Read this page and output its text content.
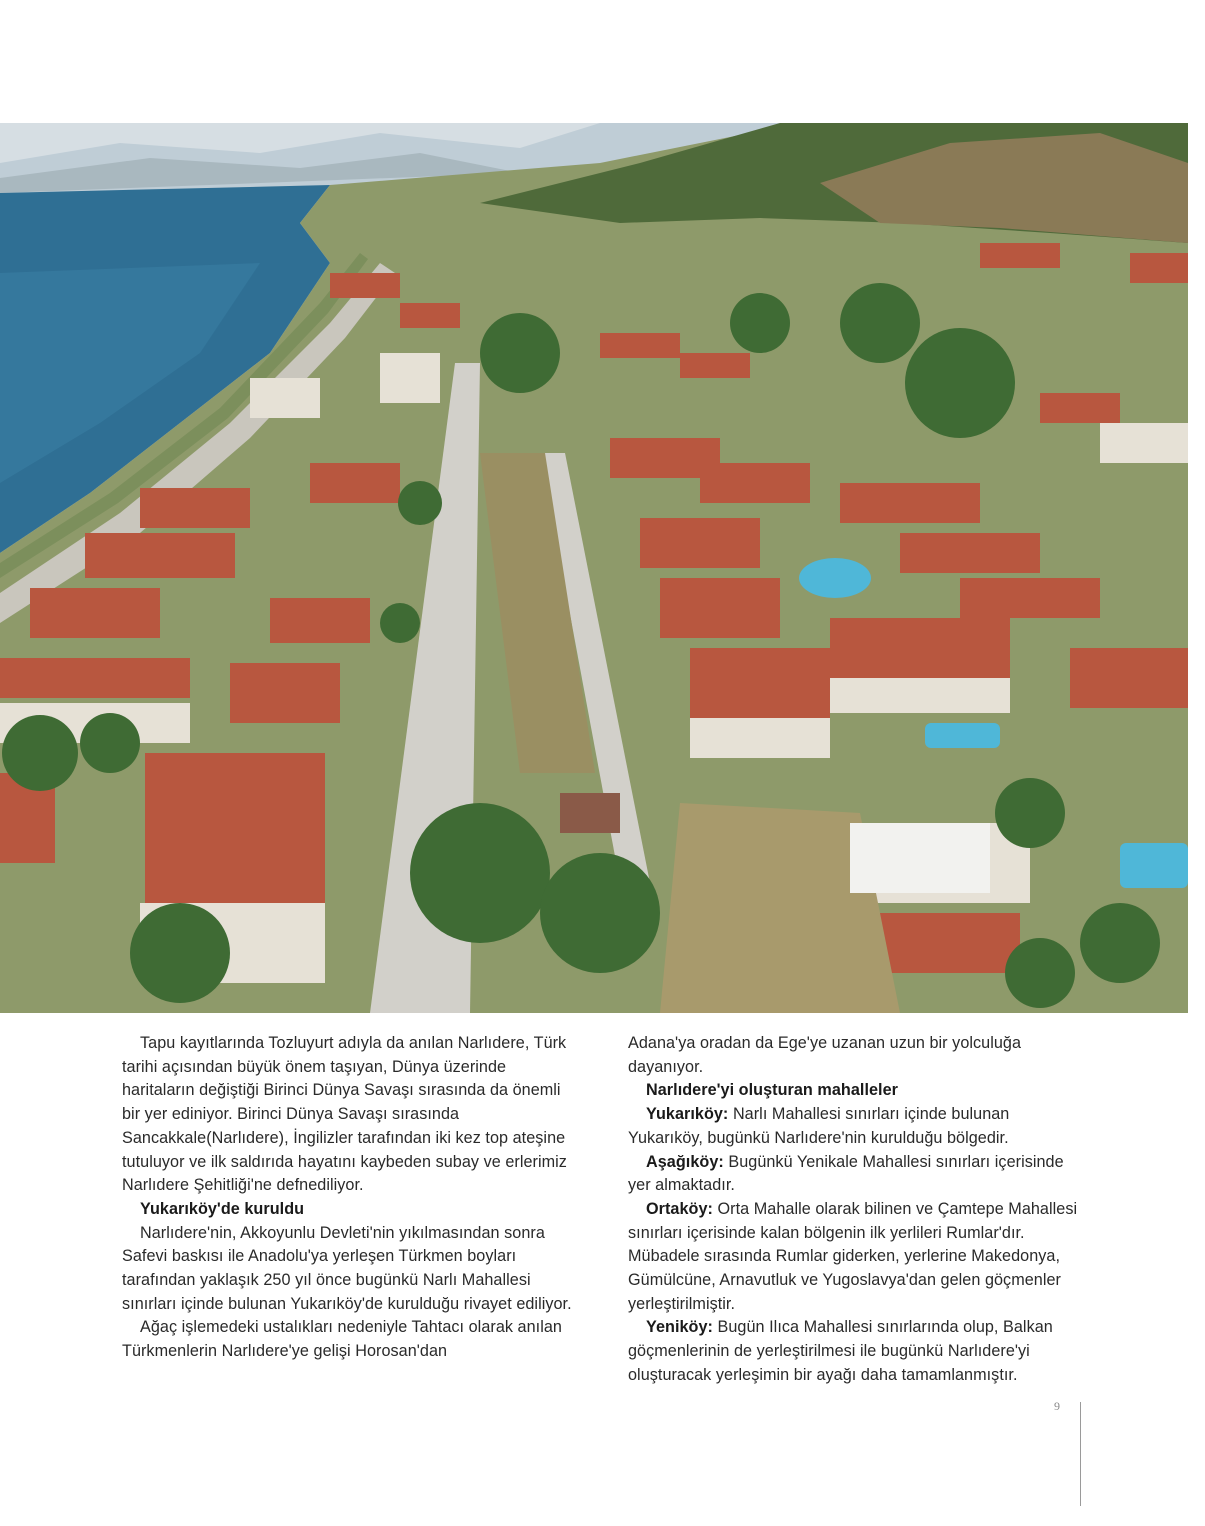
Tapu kayıtlarında Tozluyurt adıyla da anılan Narlıdere, Türk tarihi açısından büyük önem taşıyan, Dünya üzerinde haritaların değiştiği Birinci Dünya Savaşı sırasında da önemli bir yer ediniyor. Birinci Dünya Savaşı sırasında Sancakkale(Narlıdere), İngilizler tarafından iki kez top ateşine tutuluyor ve ilk saldırıda hayatını kaybeden subay ve erlerimiz Narlıdere Şehitliği'ne defnediliyor.

Yukarıköy'de kuruldu

Narlıdere'nin, Akkoyunlu Devleti'nin yıkılmasından sonra Safevi baskısı ile Anadolu'ya yerleşen Türkmen boyları tarafından yaklaşık 250 yıl önce bugünkü Narlı Mahallesi sınırları içinde bulunan Yukarıköy'de kurulduğu rivayet ediliyor.

Ağaç işlemedeki ustalıkları nedeniyle Tahtacı olarak anılan Türkmenlerin Narlıdere'ye gelişi Horosan'dan

Adana'ya oradan da Ege'ye uzanan uzun bir yolculuğa dayanıyor.

Narlıdere'yi oluşturan mahalleler

Yukarıköy: Narlı Mahallesi sınırları içinde bulunan Yukarıköy, bugünkü Narlıdere'nin kurulduğu bölgedir.

Aşağıköy: Bugünkü Yenikale Mahallesi sınırları içerisinde yer almaktadır.

Ortaköy: Orta Mahalle olarak bilinen ve Çamtepe Mahallesi sınırları içerisinde kalan bölgenin ilk yerlileri Rumlar'dır. Mübadele sırasında Rumlar giderken, yerlerine Makedonya, Gümülcüne, Arnavutluk ve Yugoslavya'dan gelen göçmenler yerleştirilmiştir.

Yeniköy: Bugün Ilıca Mahallesi sınırlarında olup, Balkan göçmenlerinin de yerleştirilmesi ile bugünkü Narlıdere'yi oluşturacak yerleşimin bir ayağı daha tamamlanmıştır.

9
